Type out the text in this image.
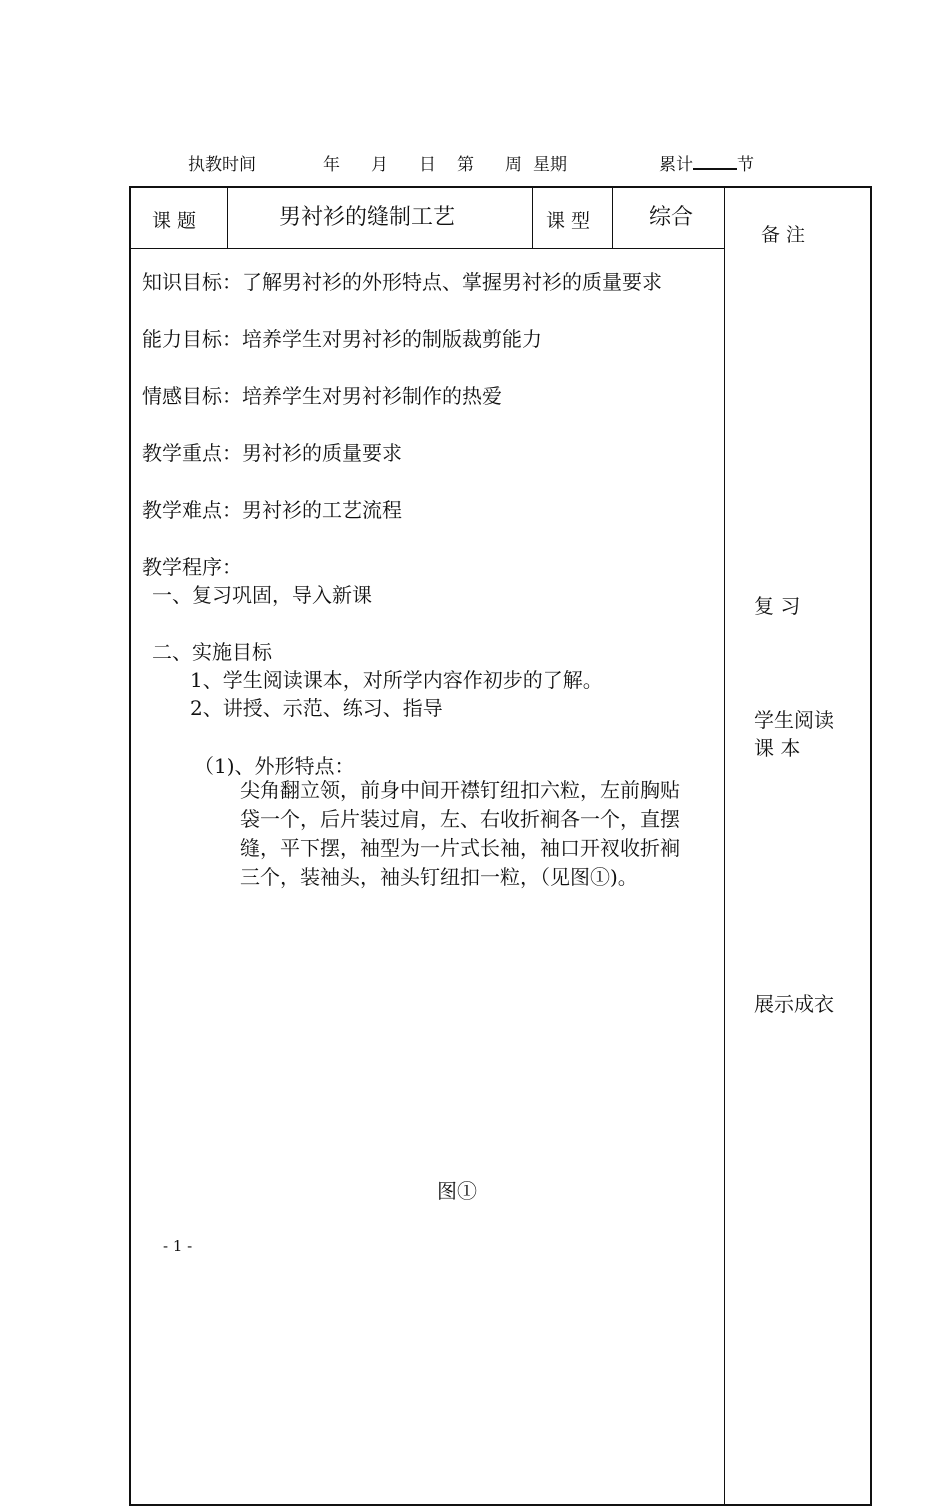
执教时间	年 月 日 第 周 星期	累计	节
课 题	男衬衫的缝制工艺	课 型	综合
备 注
知识目标：了解男衬衫的外形特点、掌握男衬衫的质量要求
能力目标：培养学生对男衬衫的制版裁剪能力
情感目标：培养学生对男衬衫制作的热爱
教学重点：男衬衫的质量要求
教学难点：男衬衫的工艺流程
教学程序：
一、复习巩固，导入新课
二、实施目标
1、学生阅读课本，对所学内容作初步的了解。
2、讲授、示范、练习、指导
（1)、外形特点：
尖角翻立领，前身中间开襟钉纽扣六粒，左前胸贴
袋一个，后片装过肩，左、右收折裥各一个，直摆
缝，平下摆，袖型为一片式长袖，袖口开衩收折裥
三个，装袖头，袖头钉纽扣一粒，（见图①)。
图①
复 习
学生阅读
课 本
展示成衣
- 1 -
